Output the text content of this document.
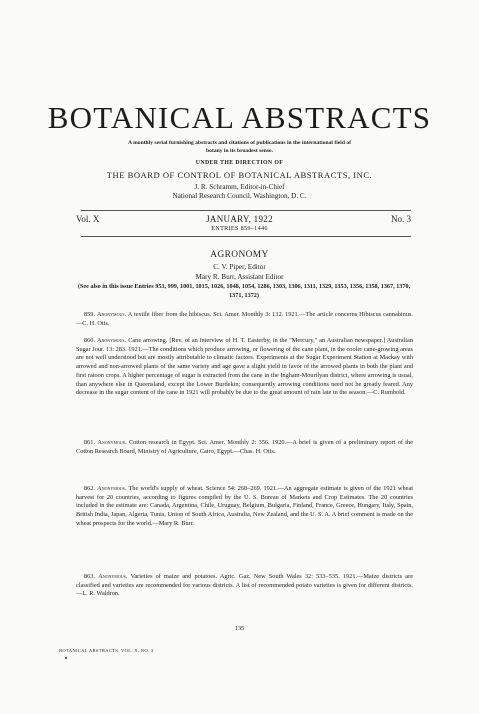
BOTANICAL ABSTRACTS
A monthly serial furnishing abstracts and citations of publications in the international field of
botany in its broadest sense.
UNDER THE DIRECTION OF
THE BOARD OF CONTROL OF BOTANICAL ABSTRACTS, INC.
J. R. Schramm, Editor-in-Chief
National Research Council, Washington, D. C.
Vol. X	JANUARY, 1922	No. 3
ENTRIES 859–1446
AGRONOMY
C. V. Piper, Editor
Mary R. Burr, Assistant Editor
(See also in this issue Entries 953, 999, 1001, 1015, 1026, 1048, 1054, 1286, 1303, 1306, 1311, 1329, 1353, 1356, 1358, 1367, 1370, 1371, 1372)

859. Anonymous. A textile fiber from the hibiscus. Sci. Amer. Monthly 3: 132. 1921.—The article concerns Hibiscus cannabinus.—C. H. Otis.

860. Anonymous. Cane arrowing. [Rev. of an interview of H. T. Easterby, in the "Mercury," an Australian newspaper.] Australian Sugar Jour. 13: 283. 1921.—The conditions which produce arrowing, or flowering of the cane plant, in the cooler cane-growing areas are not well understood but are mostly attributable to climatic factors. Experiments at the Sugar Experiment Station at Mackay with arrowed and non-arrowed plants of the same variety and age gave a slight yield in favor of the arrowed plants in both the plant and first ratoon crops. A higher percentage of sugar is extracted from the cane in the Ingham-Mourilyan district, where arrowing is usual, than anywhere else in Queensland, except the Lower Burdekin; consequently arrowing conditions need not be greatly feared. Any decrease in the sugar content of the cane in 1921 will probably be due to the great amount of rain late in the season.—C. Rumbold.

861. Anonymous. Cotton research in Egypt. Sci. Amer. Monthly 2: 356. 1920.—A brief is given of a preliminary report of the Cotton Research Board, Ministry of Agriculture, Cairo, Egypt.—Chas. H. Otis.

862. Anonymous. The world's supply of wheat. Science 54: 268–269. 1921.—An aggregate estimate is given of the 1921 wheat harvest for 20 countries, according to figures compiled by the U. S. Bureau of Markets and Crop Estimates. The 20 countries included in the estimate are: Canada, Argentina, Chile, Uruguay, Belgium, Bulgaria, Finland, France, Greece, Hungary, Italy, Spain, British India, Japan, Algeria, Tunis, Union of South Africa, Australia, New Zealand, and the U. S. A. A brief comment is made on the wheat prospects for the world.—Mary R. Burr.

863. Anonymous. Varieties of maize and potatoes. Agric. Gaz. New South Wales 32: 533–535. 1921.—Maize districts are classified and varieties are recommended for various districts. A list of recommended potato varieties is given for different districts.—L. R. Waldron.

135
BOTANICAL ABSTRACTS, VOL. X, NO. 3
